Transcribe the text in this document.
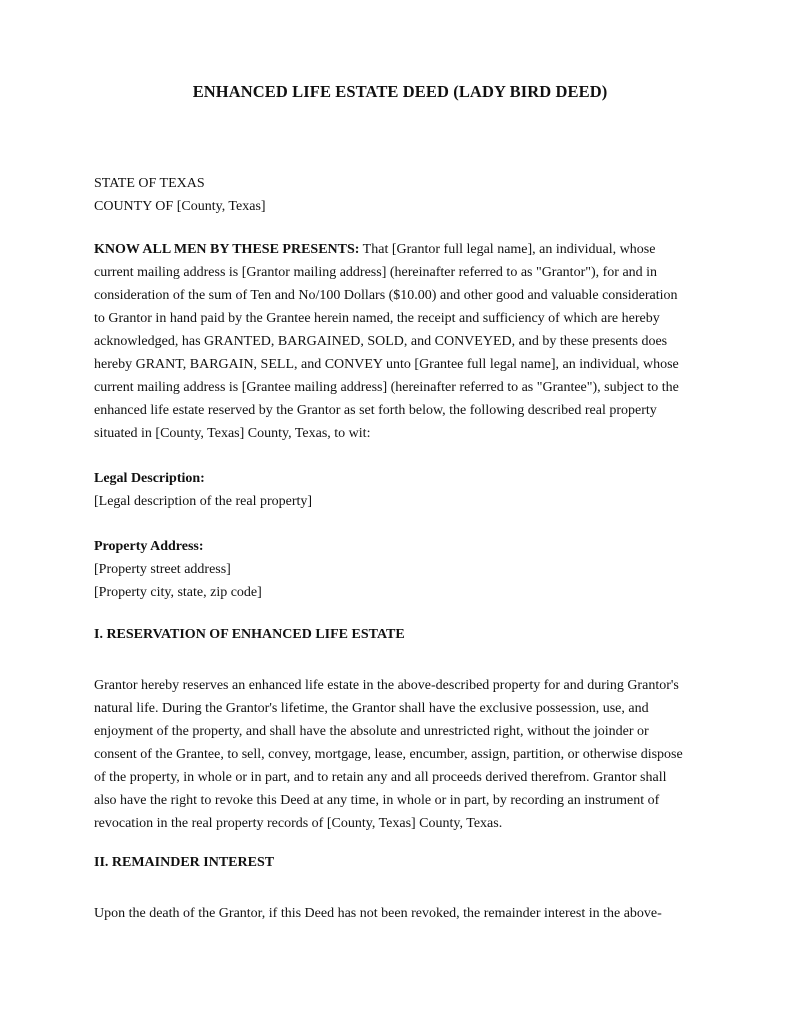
ENHANCED LIFE ESTATE DEED (LADY BIRD DEED)
STATE OF TEXAS
COUNTY OF [County, Texas]
KNOW ALL MEN BY THESE PRESENTS: That [Grantor full legal name], an individual, whose
current mailing address is [Grantor mailing address] (hereinafter referred to as "Grantor"), for and in
consideration of the sum of Ten and No/100 Dollars ($10.00) and other good and valuable consideration
to Grantor in hand paid by the Grantee herein named, the receipt and sufficiency of which are hereby
acknowledged, has GRANTED, BARGAINED, SOLD, and CONVEYED, and by these presents does
hereby GRANT, BARGAIN, SELL, and CONVEY unto [Grantee full legal name], an individual, whose
current mailing address is [Grantee mailing address] (hereinafter referred to as "Grantee"), subject to the
enhanced life estate reserved by the Grantor as set forth below, the following described real property
situated in [County, Texas] County, Texas, to wit:
Legal Description:
[Legal description of the real property]
Property Address:
[Property street address]
[Property city, state, zip code]
I. RESERVATION OF ENHANCED LIFE ESTATE
Grantor hereby reserves an enhanced life estate in the above-described property for and during Grantor's
natural life. During the Grantor's lifetime, the Grantor shall have the exclusive possession, use, and
enjoyment of the property, and shall have the absolute and unrestricted right, without the joinder or
consent of the Grantee, to sell, convey, mortgage, lease, encumber, assign, partition, or otherwise dispose
of the property, in whole or in part, and to retain any and all proceeds derived therefrom. Grantor shall
also have the right to revoke this Deed at any time, in whole or in part, by recording an instrument of
revocation in the real property records of [County, Texas] County, Texas.
II. REMAINDER INTEREST
Upon the death of the Grantor, if this Deed has not been revoked, the remainder interest in the above-
